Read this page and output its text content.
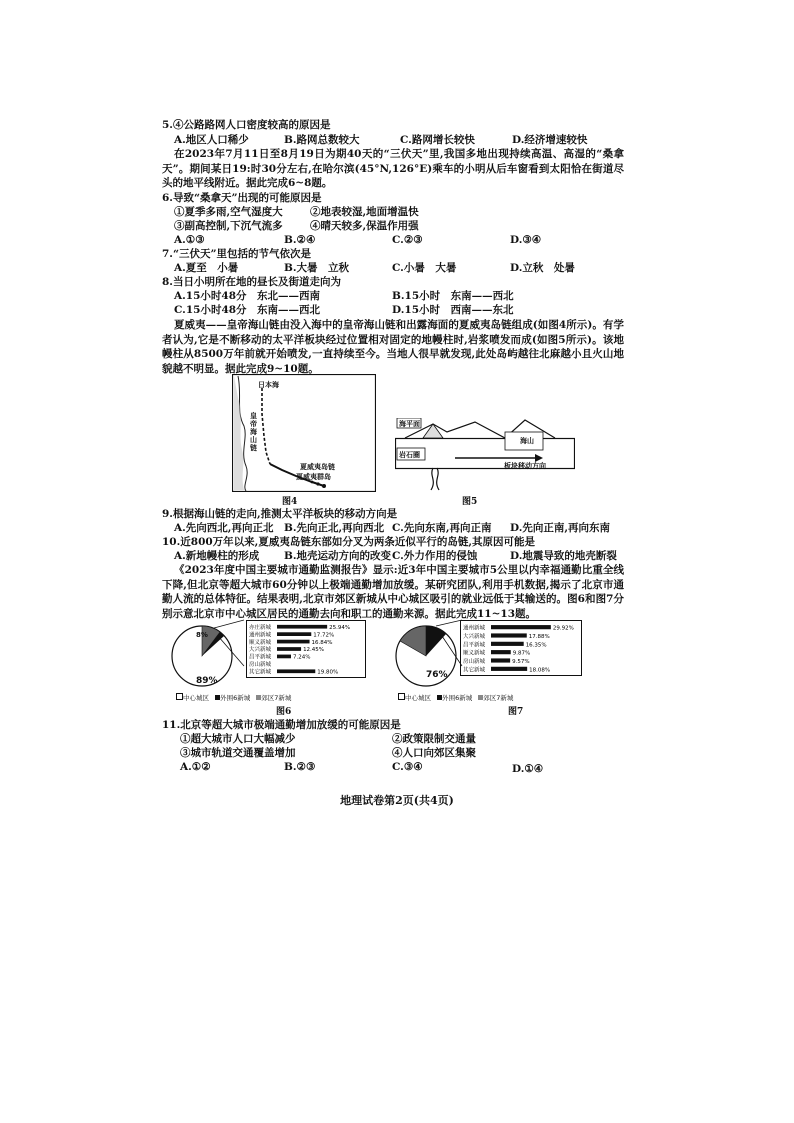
5.④公路路网人口密度较高的原因是
A.地区人口稀少	B.路网总数较大	C.路网增长较快	D.经济增速较快
在2023年7月11日至8月19日为期40天的“三伏天”里,我国多地出现持续高温、高湿的“桑拿天”。期间某日19:时30分左右,在哈尔滨(45°N,126°E)乘车的小明从后车窗看到太阳恰在街道尽头的地平线附近。据此完成6~8题。
6.导致“桑拿天”出现的可能原因是
①夏季多雨,空气湿度大	②地表较湿,地面增温快
③副高控制,下沉气流多	④晴天较多,保温作用强
A.①③	B.②④	C.②③	D.③④
7.“三伏天”里包括的节气依次是
A.夏至　小暑	B.大暑　立秋	C.小暑　大暑	D.立秋　处暑
8.当日小明所在地的昼长及街道走向为
A.15小时48分　东北——西南	B.15小时　东南——西北
C.15小时48分　东南——西北	D.15小时　西南——东北
夏威夷——皇帝海山链由没入海中的皇帝海山链和出露海面的夏威夷岛链组成(如图4所示)。有学者认为,它是不断移动的太平洋板块经过位置相对固定的地幔柱时,岩浆喷发而成(如图5所示)。该地幔柱从8500万年前就开始喷发,一直持续至今。当地人很早就发现,此处岛屿越往北麻越小且火山地貌越不明显。据此完成9~10题。
日本海
皇帝海山链
夏威夷岛链
夏威夷群岛
图4
海平面
岩石圈
海山
板块移动方向
图5
9.根据海山链的走向,推测太平洋板块的移动方向是
A.先向西北,再向正北 B.先向正北,再向西北 C.先向东南,再向正南 D.先向正南,再向东南
10.近800万年以来,夏威夷岛链东部如分叉为两条近似平行的岛链,其原因可能是
A.新地幔柱的形成 B.地壳运动方向的改变 C.外力作用的侵蚀	D.地震导致的地壳断裂
《2023年度中国主要城市通勤监测报告》显示:近3年中国主要城市5公里以内幸福通勤比重全线下降,但北京等超大城市60分钟以上极端通勤增加放缓。某研究团队,利用手机数据,揭示了北京市通勤人流的总体特征。结果表明,北京市郊区新城从中心城区吸引的就业远低于其输送的。图6和图7分别示意北京市中心城区居民的通勤去向和职工的通勤来源。据此完成11~13题。
8%
89%
亦庄新城	25.94%
通州新城	17.72%
顺义新城	16.84%
大兴新城	12.45%
昌平新城	7.24%
房山新城
其它新城	19.80%
中心城区 外围6新城 郊区7新城
图6
14%
76%
通州新城	29.92%
大兴新城	17.88%
昌平新城	16.35%
顺义新城	9.87%
房山新城	9.57%
其它新城	18.08%
中心城区 外围6新城 郊区7新城
图7
11.北京等超大城市极端通勤增加放缓的可能原因是
①超大城市人口大幅减少	②政策限制交通量
③城市轨道交通覆盖增加	④人口向郊区集聚
A.①②	B.②③	C.③④	D.①④
地理试卷第2页(共4页)
